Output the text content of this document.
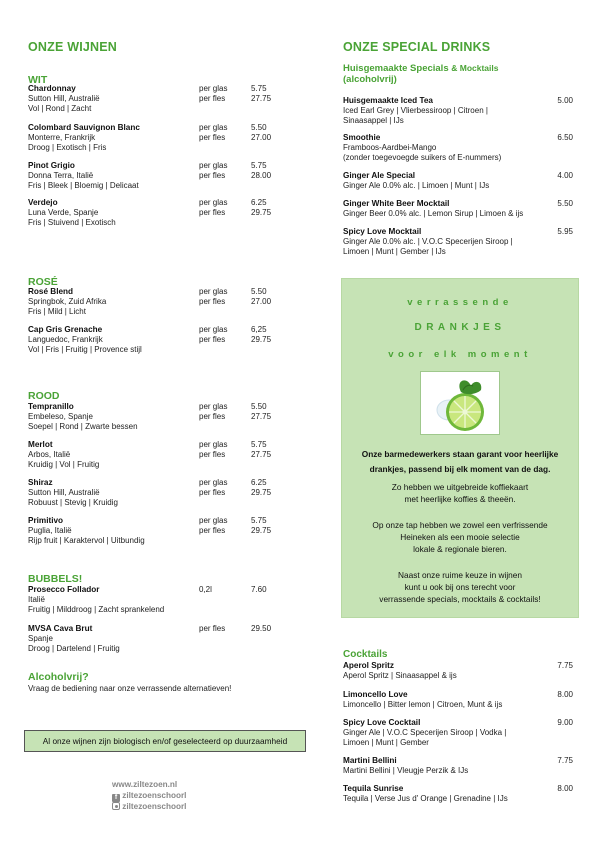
ONZE WIJNEN
WIT
Chardonnay
Sutton Hill, Australië
Vol | Rond | Zacht
per glas
per fles
5.75
27.75
Colombard Sauvignon Blanc
Monterre, Frankrijk
Droog | Exotisch | Fris
per glas
per fles
5.50
27.00
Pinot Grigio
Donna Terra, Italië
Fris | Bleek | Bloemig | Delicaat
per glas
per fles
5.75
28.00
Verdejo
Luna Verde, Spanje
Fris | Stuivend | Exotisch
per glas
per fles
6.25
29.75
ROSÉ
Rosé Blend
Springbok, Zuid Afrika
Fris | Mild | Licht
per glas
per fles
5.50
27.00
Cap Gris Grenache
Languedoc, Frankrijk
Vol | Fris | Fruitig | Provence stijl
per glas
per fles
6,25
29.75
ROOD
Tempranillo
Embeleso, Spanje
Soepel | Rond | Zwarte bessen
per glas
per fles
5.50
27.75
Merlot
Arbos, Italië
Kruidig | Vol | Fruitig
per glas
per fles
5.75
27.75
Shiraz
Sutton Hill, Australië
Robuust | Stevig | Kruidig
per glas
per fles
6.25
29.75
Primitivo
Puglia, Italië
Rijp fruit | Karaktervol | Uitbundig
per glas
per fles
5.75
29.75
BUBBELS!
Prosecco Follador
Italië
Fruitig | Milddroog | Zacht sprankelend
0,2l	7.60
MVSA Cava Brut
Spanje
Droog | Dartelend | Fruitig
per fles	29.50
Alcoholvrij?
Vraag de bediening naar onze verrassende alternatieven!
Al onze wijnen zijn biologisch en/of geselecteerd op duurzaamheid
www.ziltezoen.nl
f ziltezoenschoorl
ziltezoenschoorl
ONZE SPECIAL DRINKS
Huisgemaakte Specials & Mocktails
(alcoholvrij)
Huisgemaakte Iced Tea
Iced Earl Grey | Vlierbessiroop | Citroen |
Sinaasappel | IJs
5.00
Smoothie
Framboos-Aardbei-Mango
(zonder toegevoegde suikers of E-nummers)
6.50
Ginger Ale Special
Ginger Ale 0.0% alc. | Limoen | Munt | IJs
4.00
Ginger White Beer Mocktail
Ginger Beer 0.0% alc. | Lemon Sirup | Limoen & ijs
5.50
Spicy Love Mocktail
Ginger Ale 0.0% alc. | V.O.C Specerijen Siroop |
Limoen | Munt | Gember | IJs
5.95
verrassende
DRANKJES
voor elk moment
Onze barmedewerkers staan garant voor heerlijke
drankjes, passend bij elk moment van de dag.
Zo hebben we uitgebreide koffiekaart
met heerlijke koffies & theeën.
Op onze tap hebben we zowel een verfrissende
Heineken als een mooie selectie
lokale & regionale bieren.
Naast onze ruime keuze in wijnen
kunt u ook bij ons terecht voor
verrassende specials, mocktails & cocktails!
Cocktails
Aperol Spritz
Aperol Spritz | Sinaasappel & ijs
7.75
Limoncello Love
Limoncello | Bitter lemon | Citroen, Munt & ijs
8.00
Spicy Love Cocktail
Ginger Ale | V.O.C Specerijen Siroop | Vodka |
Limoen | Munt | Gember
9.00
Martini Bellini
Martini Bellini | Vleugje Perzik & IJs
7.75
Tequila Sunrise
Tequila | Verse Jus d' Orange | Grenadine | IJs
8.00
